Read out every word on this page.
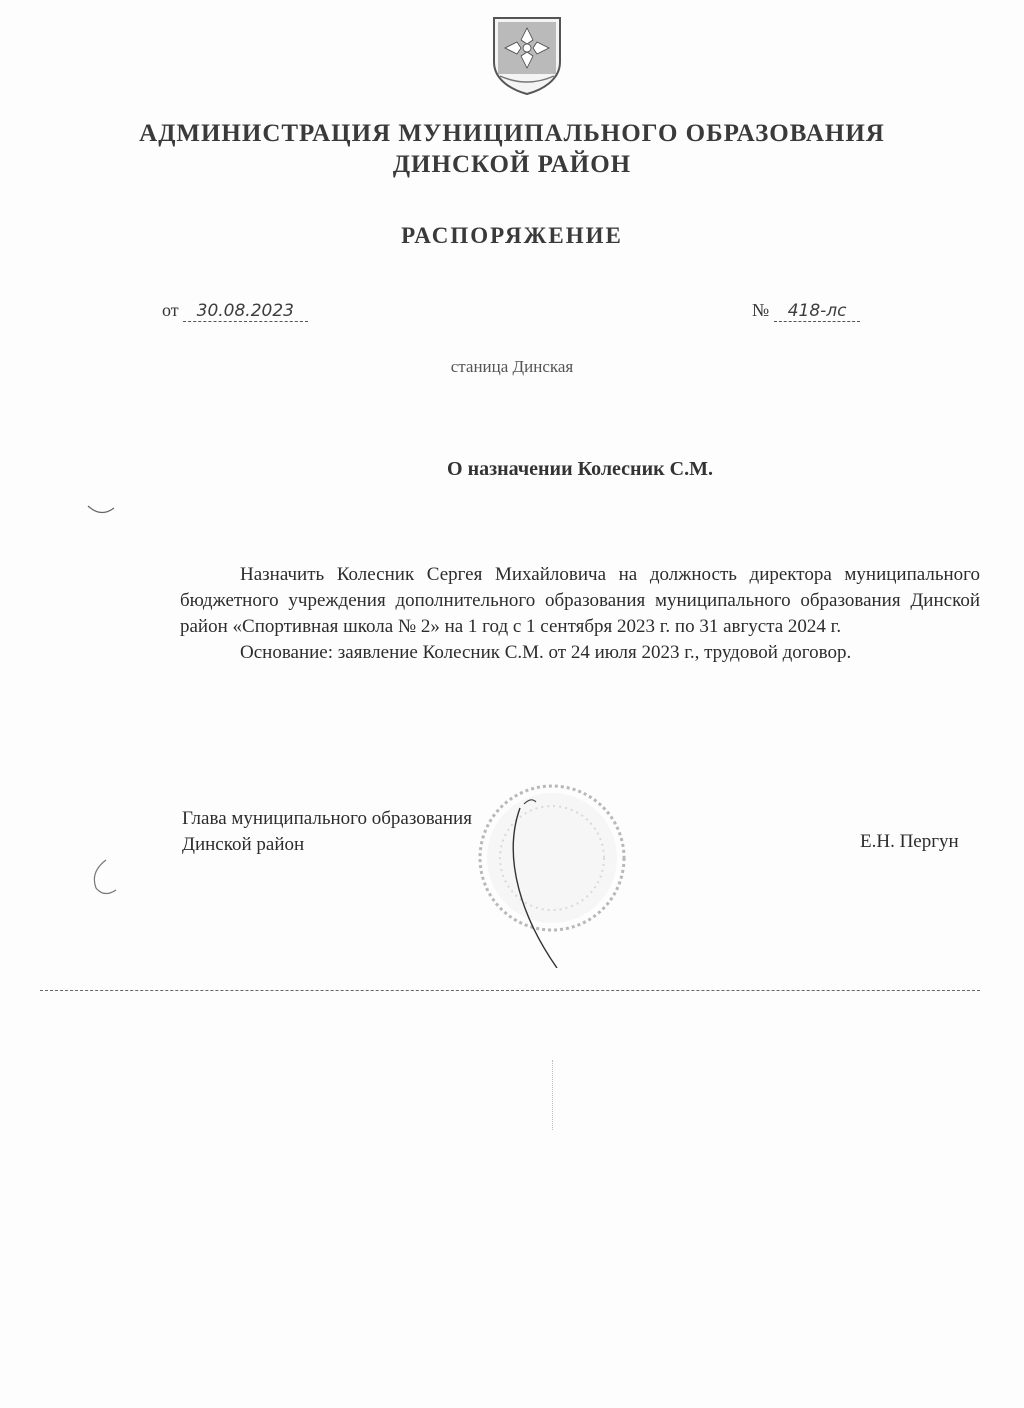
АДМИНИСТРАЦИЯ МУНИЦИПАЛЬНОГО ОБРАЗОВАНИЯ
ДИНСКОЙ РАЙОН
РАСПОРЯЖЕНИЕ
от 30.08.2023	№ 418-лс
станица Динская
О назначении Колесник С.М.

Назначить Колесник Сергея Михайловича на должность директора муниципального бюджетного учреждения дополнительного образования муниципального образования Динской район «Спортивная школа № 2» на 1 год с 1 сентября 2023 г. по 31 августа 2024 г.

Основание: заявление Колесник С.М. от 24 июля 2023 г., трудовой договор.

Глава муниципального образования
Динской район	Е.Н. Пергун
